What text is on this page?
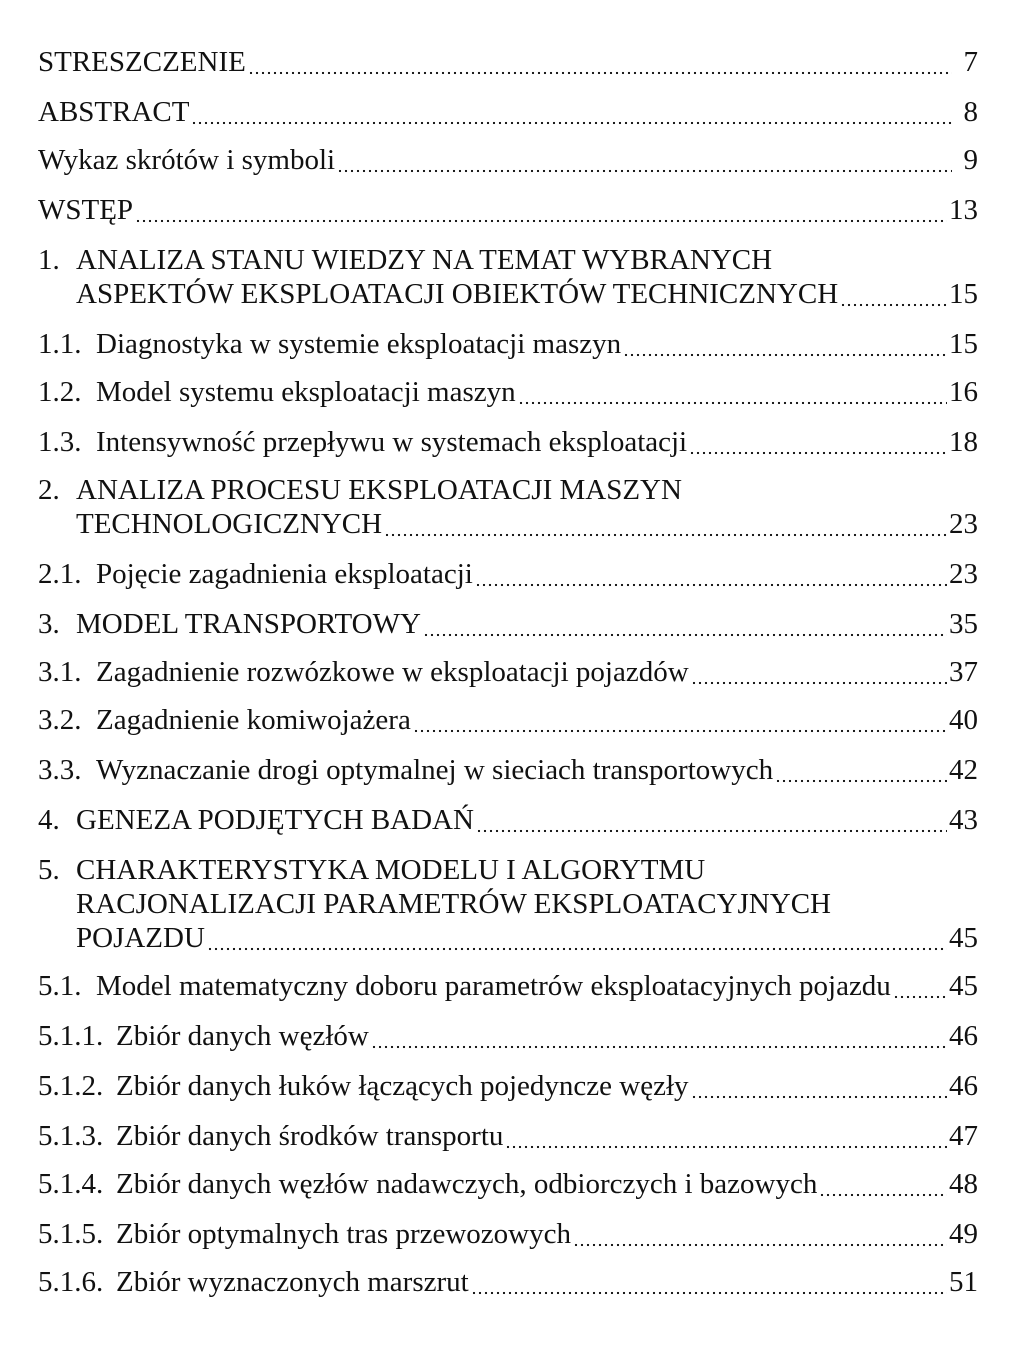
STRESZCZENIE	7
ABSTRACT	8
Wykaz skrótów i symboli	9
WSTĘP	13
1. ANALIZA STANU WIEDZY NA TEMAT WYBRANYCH
ASPEKTÓW EKSPLOATACJI OBIEKTÓW TECHNICZNYCH	15
1.1. Diagnostyka w systemie eksploatacji maszyn	15
1.2. Model systemu eksploatacji maszyn	16
1.3. Intensywność przepływu w systemach eksploatacji	18
2. ANALIZA PROCESU EKSPLOATACJI MASZYN
TECHNOLOGICZNYCH	23
2.1. Pojęcie zagadnienia eksploatacji	23
3. MODEL TRANSPORTOWY	35
3.1. Zagadnienie rozwózkowe w eksploatacji pojazdów	37
3.2. Zagadnienie komiwojażera	40
3.3. Wyznaczanie drogi optymalnej w sieciach transportowych	42
4. GENEZA PODJĘTYCH BADAŃ	43
5. CHARAKTERYSTYKA MODELU I ALGORYTMU
RACJONALIZACJI PARAMETRÓW EKSPLOATACYJNYCH
POJAZDU	45
5.1. Model matematyczny doboru parametrów eksploatacyjnych pojazdu 45
5.1.1. Zbiór danych węzłów	46
5.1.2. Zbiór danych łuków łączących pojedyncze węzły	46
5.1.3. Zbiór danych środków transportu	47
5.1.4. Zbiór danych węzłów nadawczych, odbiorczych i bazowych	48
5.1.5. Zbiór optymalnych tras przewozowych	49
5.1.6. Zbiór wyznaczonych marszrut	51
